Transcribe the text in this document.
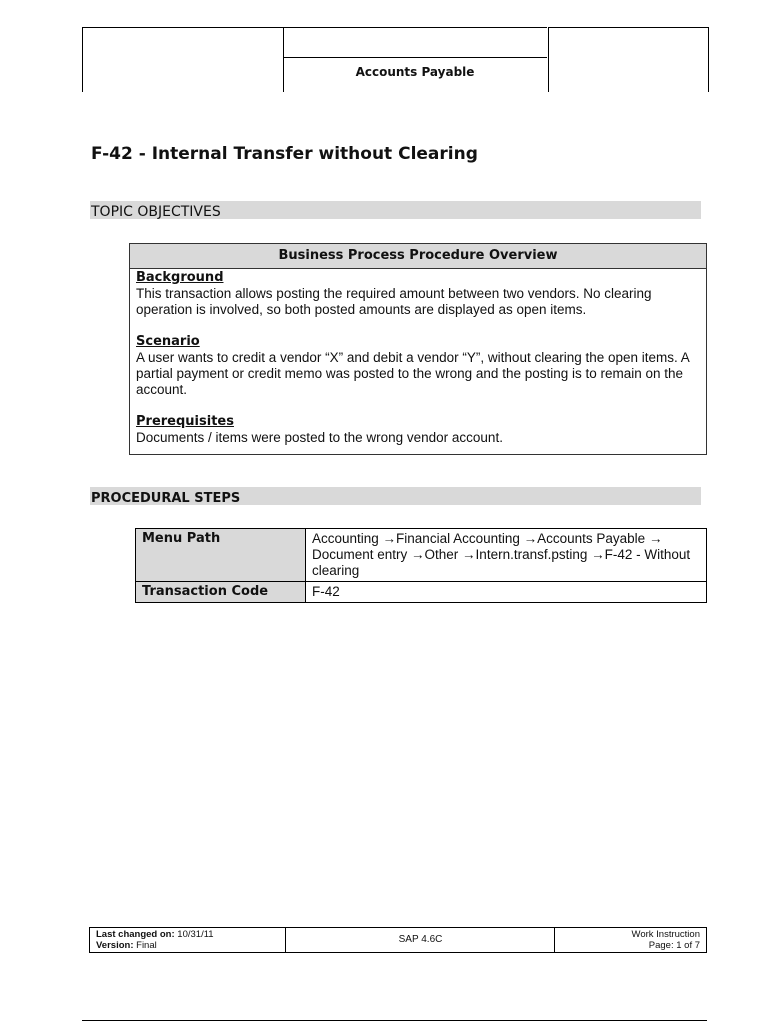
Accounts Payable
F-42 - Internal Transfer without Clearing
TOPIC OBJECTIVES
Business Process Procedure Overview
Background

This transaction allows posting the required amount between two vendors. No clearing operation is involved, so both posted amounts are displayed as open items.

Scenario

A user wants to credit a vendor “X” and debit a vendor “Y”, without clearing the open items. A partial payment or credit memo was posted to the wrong and the posting is to remain on the account.

Prerequisites

Documents / items were posted to the wrong vendor account.

PROCEDURAL STEPS
Menu Path	Accounting →Financial Accounting →Accounts Payable → Document entry →Other →Intern.transf.psting →F-42 - Without clearing
Transaction Code	F-42
Last changed on: 10/31/11
Version: Final
SAP 4.6C	Work Instruction
Page: 1 of 7
